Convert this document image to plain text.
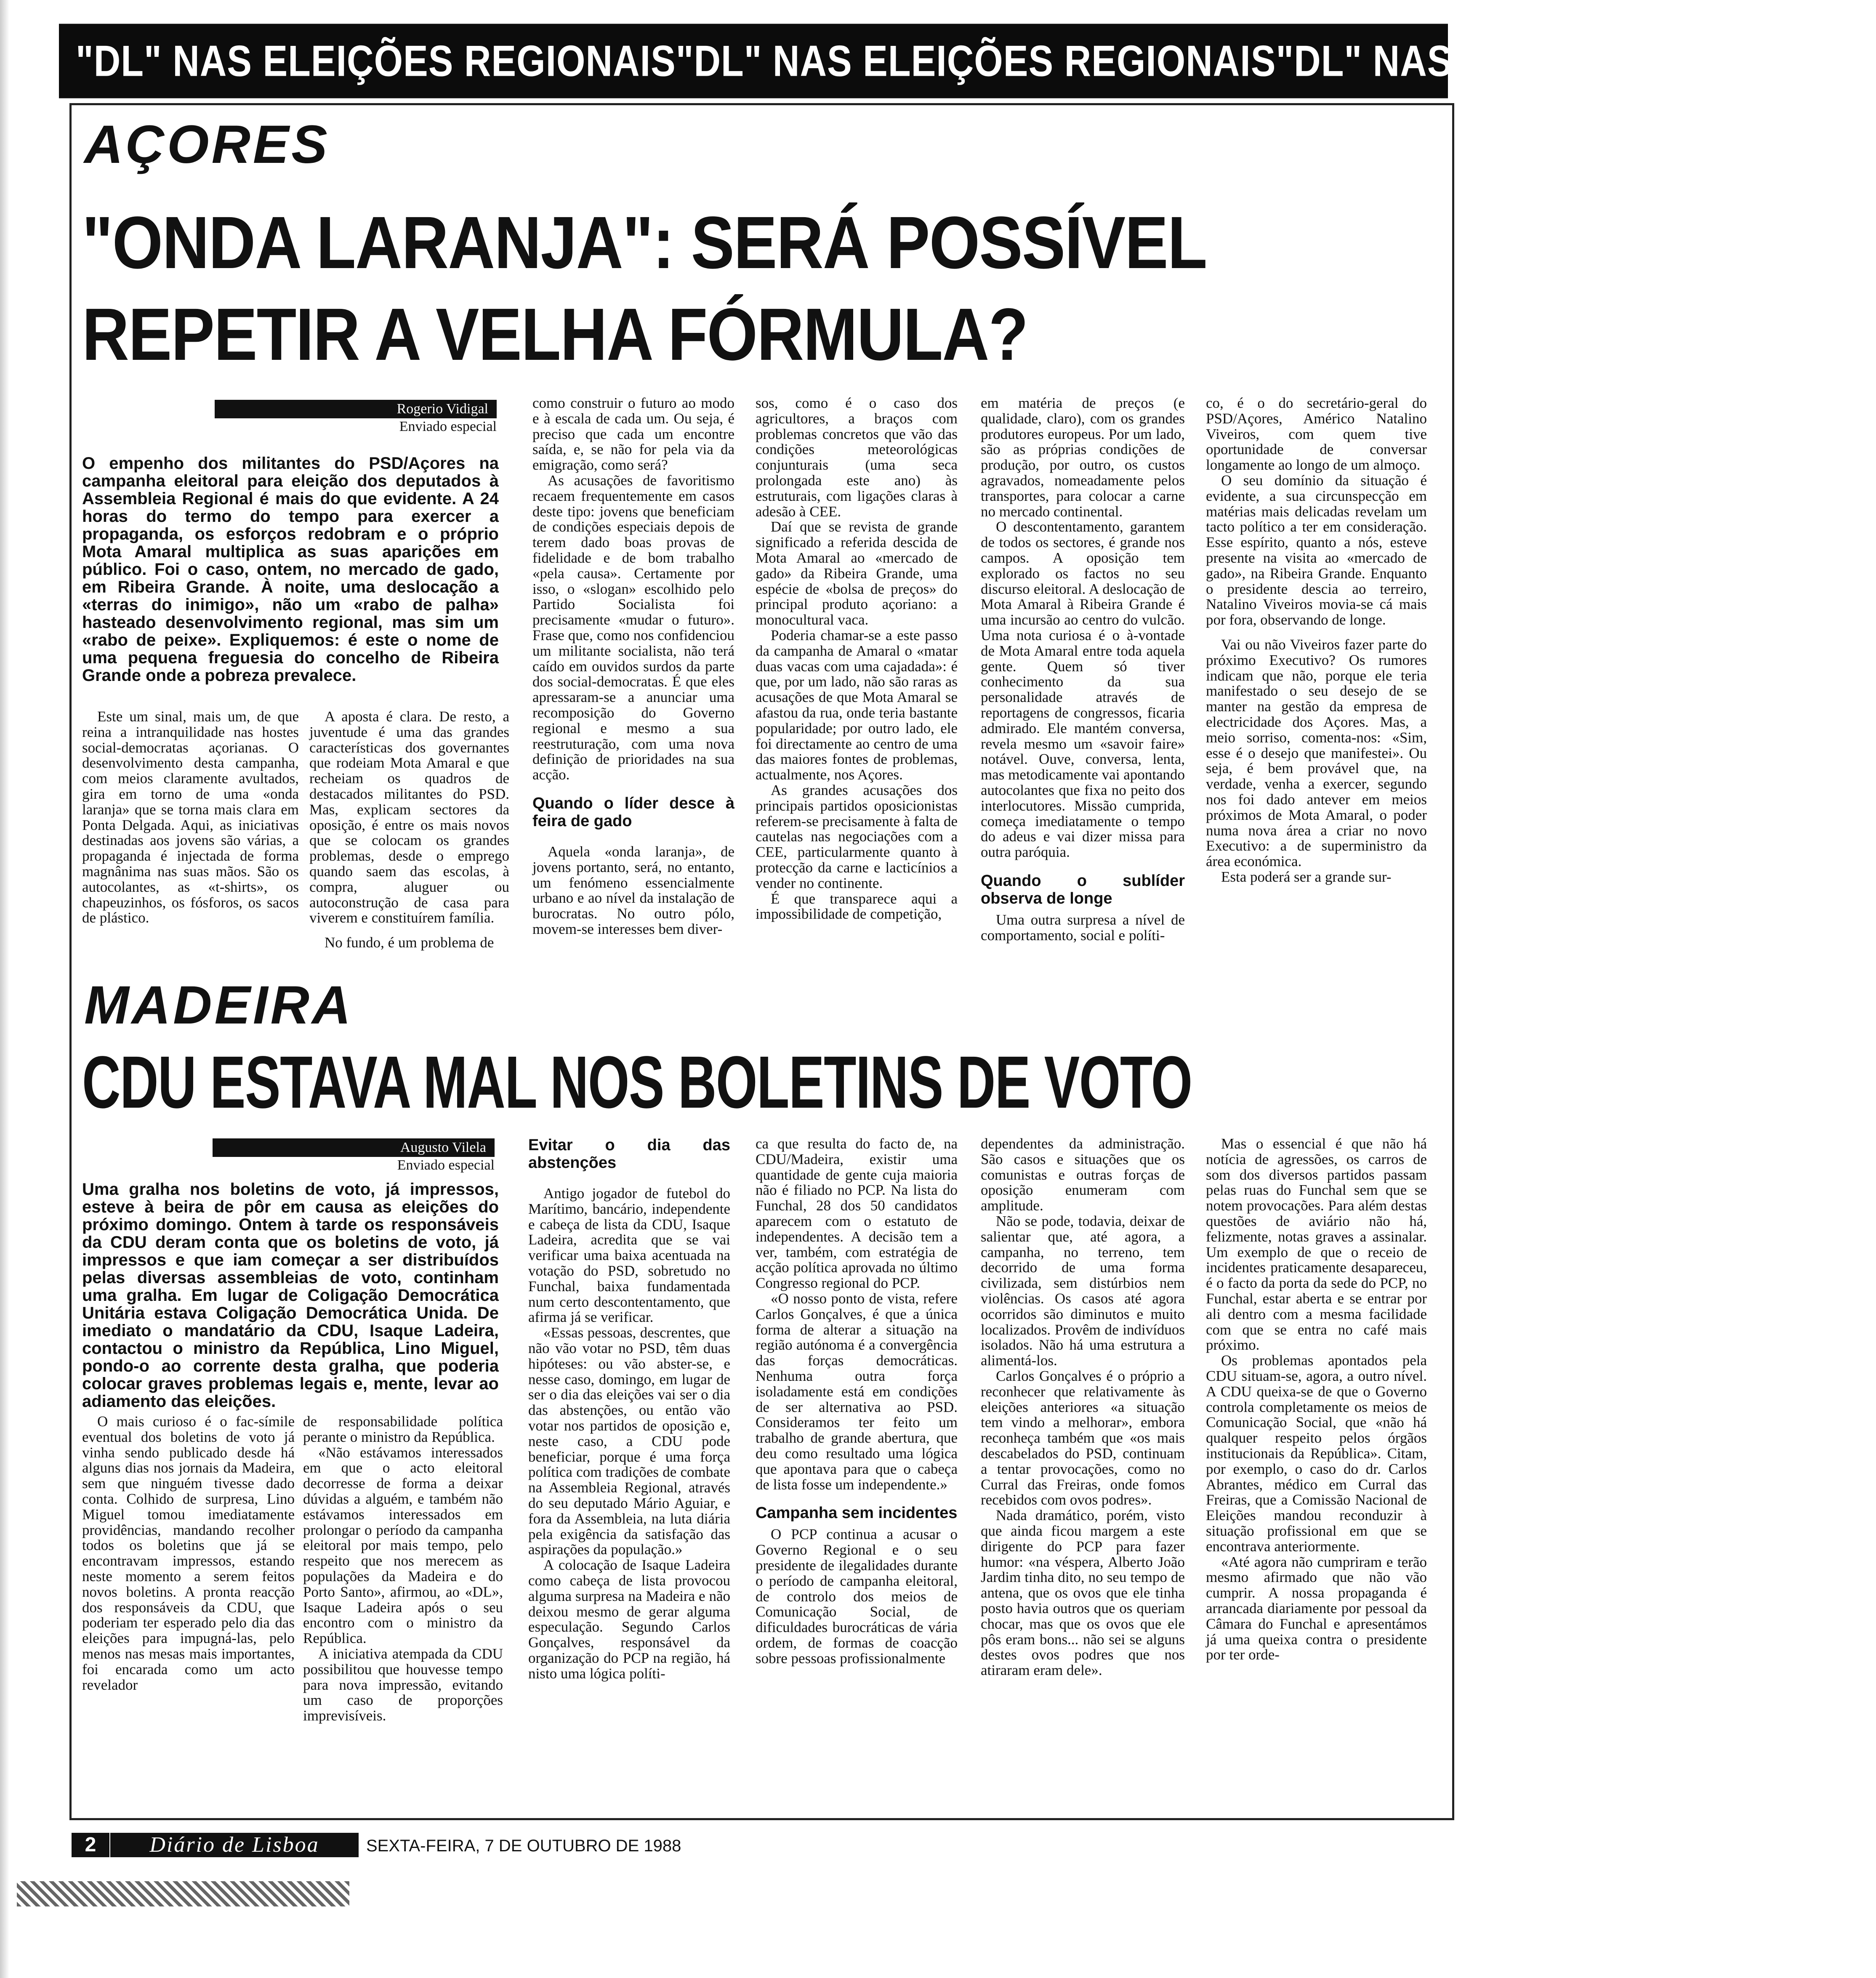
"DL" NAS ELEIÇÕES REGIONAIS "DL" NAS ELEIÇÕES REGIONAIS "DL" NAS ELEIÇÕES REGIONAIS
AÇORES
"ONDA LARANJA": SERÁ POSSÍVEL
REPETIR A VELHA FÓRMULA?
Rogerio Vidigal
Enviado especial
O empenho dos militantes do PSD/Açores na campanha eleitoral para eleição dos deputados à Assembleia Regional é mais do que evidente. A 24 horas do termo do tempo para exercer a propaganda, os esforços redobram e o próprio Mota Amaral multiplica as suas aparições em público. Foi o caso, ontem, no mercado de gado, em Ribeira Grande. À noite, uma deslocação a «terras do inimigo», não um «rabo de palha» hasteado desenvolvimento regional, mas sim um «rabo de peixe». Expliquemos: é este o nome de uma pequena freguesia do concelho de Ribeira Grande onde a pobreza prevalece.

Este um sinal, mais um, de que reina a intranquilidade nas hostes social-democratas açorianas. O desenvolvimento desta campanha, com meios claramente avultados, gira em torno de uma «onda laranja» que se torna mais clara em Ponta Delgada. Aqui, as iniciativas destinadas aos jovens são várias, a propaganda é injectada de forma magnânima nas suas mãos. São os autocolantes, as «t-shirts», os chapeuzinhos, os fósforos, os sacos de plástico.

A aposta é clara. De resto, a juventude é uma das grandes características dos governantes que rodeiam Mota Amaral e que recheiam os quadros de destacados militantes do PSD. Mas, explicam sectores da oposição, é entre os mais novos que se colocam os grandes problemas, desde o emprego quando saem das escolas, à compra, aluguer ou autoconstrução de casa para viverem e constituírem família.

No fundo, é um problema de

como construir o futuro ao modo e à escala de cada um. Ou seja, é preciso que cada um encontre saída, e, se não for pela via da emigração, como será?

As acusações de favoritismo recaem frequentemente em casos deste tipo: jovens que beneficiam de condições especiais depois de terem dado boas provas de fidelidade e de bom trabalho «pela causa». Certamente por isso, o «slogan» escolhido pelo Partido Socialista foi precisamente «mudar o futuro». Frase que, como nos confidenciou um militante socialista, não terá caído em ouvidos surdos da parte dos social-democratas. É que eles apressaram-se a anunciar uma recomposição do Governo regional e mesmo a sua reestruturação, com uma nova definição de prioridades na sua acção.

Quando o líder desce à feira de gado

Aquela «onda laranja», de jovens portanto, será, no entanto, um fenómeno essencialmente urbano e ao nível da instalação de burocratas. No outro pólo, movem-se interesses bem diver-

sos, como é o caso dos agricultores, a braços com problemas concretos que vão das condições meteorológicas conjunturais (uma seca prolongada este ano) às estruturais, com ligações claras à adesão à CEE.

Daí que se revista de grande significado a referida descida de Mota Amaral ao «mercado de gado» da Ribeira Grande, uma espécie de «bolsa de preços» do principal produto açoriano: a monocultural vaca.

Poderia chamar-se a este passo da campanha de Amaral o «matar duas vacas com uma cajadada»: é que, por um lado, não são raras as acusações de que Mota Amaral se afastou da rua, onde teria bastante popularidade; por outro lado, ele foi directamente ao centro de uma das maiores fontes de problemas, actualmente, nos Açores.

As grandes acusações dos principais partidos oposicionistas referem-se precisamente à falta de cautelas nas negociações com a CEE, particularmente quanto à protecção da carne e lacticínios a vender no continente.

É que transparece aqui a impossibilidade de competição,

em matéria de preços (e qualidade, claro), com os grandes produtores europeus. Por um lado, são as próprias condições de produção, por outro, os custos agravados, nomeadamente pelos transportes, para colocar a carne no mercado continental.

O descontentamento, garantem de todos os sectores, é grande nos campos. A oposição tem explorado os factos no seu discurso eleitoral. A deslocação de Mota Amaral à Ribeira Grande é uma incursão ao centro do vulcão. Uma nota curiosa é o à-vontade de Mota Amaral entre toda aquela gente. Quem só tiver conhecimento da sua personalidade através de reportagens de congressos, ficaria admirado. Ele mantém conversa, revela mesmo um «savoir faire» notável. Ouve, conversa, lenta, mas metodicamente vai apontando autocolantes que fixa no peito dos interlocutores. Missão cumprida, começa imediatamente o tempo do adeus e vai dizer missa para outra paróquia.

Quando o sublíder observa de longe

Uma outra surpresa a nível de comportamento, social e políti-

co, é o do secretário-geral do PSD/Açores, Américo Natalino Viveiros, com quem tive oportunidade de conversar longamente ao longo de um almoço.

O seu domínio da situação é evidente, a sua circunspecção em matérias mais delicadas revelam um tacto político a ter em consideração. Esse espírito, quanto a nós, esteve presente na visita ao «mercado de gado», na Ribeira Grande. Enquanto o presidente descia ao terreiro, Natalino Viveiros movia-se cá mais por fora, observando de longe.

Vai ou não Viveiros fazer parte do próximo Executivo? Os rumores indicam que não, porque ele teria manifestado o seu desejo de se manter na gestão da empresa de electricidade dos Açores. Mas, a meio sorriso, comenta-nos: «Sim, esse é o desejo que manifestei». Ou seja, é bem provável que, na verdade, venha a exercer, segundo nos foi dado antever em meios próximos de Mota Amaral, o poder numa nova área a criar no novo Executivo: a de superministro da área económica.

Esta poderá ser a grande sur-

MADEIRA
CDU ESTAVA MAL NOS BOLETINS DE VOTO
Augusto Vilela
Enviado especial
Uma gralha nos boletins de voto, já impressos, esteve à beira de pôr em causa as eleições do próximo domingo. Ontem à tarde os responsáveis da CDU deram conta que os boletins de voto, já impressos e que iam começar a ser distribuídos pelas diversas assembleias de voto, continham uma gralha. Em lugar de Coligação Democrática Unitária estava Coligação Democrática Unida. De imediato o mandatário da CDU, Isaque Ladeira, contactou o ministro da República, Lino Miguel, pondo-o ao corrente desta gralha, que poderia colocar graves problemas legais e, mente, levar ao adiamento das eleições.

O mais curioso é o fac-símile eventual dos boletins de voto já vinha sendo publicado desde há alguns dias nos jornais da Madeira, sem que ninguém tivesse dado conta. Colhido de surpresa, Lino Miguel tomou imediatamente providências, mandando recolher todos os boletins que já se encontravam impressos, estando neste momento a serem feitos novos boletins. A pronta reacção dos responsáveis da CDU, que poderiam ter esperado pelo dia das eleições para impugná-las, pelo menos nas mesas mais importantes, foi encarada como um acto revelador

de responsabilidade política perante o ministro da República.

«Não estávamos interessados em que o acto eleitoral decorresse de forma a deixar dúvidas a alguém, e também não estávamos interessados em prolongar o período da campanha eleitoral por mais tempo, pelo respeito que nos merecem as populações da Madeira e do Porto Santo», afirmou, ao «DL», Isaque Ladeira após o seu encontro com o ministro da República.

A iniciativa atempada da CDU possibilitou que houvesse tempo para nova impressão, evitando um caso de proporções imprevisíveis.

Evitar o dia das abstenções

Antigo jogador de futebol do Marítimo, bancário, independente e cabeça de lista da CDU, Isaque Ladeira, acredita que se vai verificar uma baixa acentuada na votação do PSD, sobretudo no Funchal, baixa fundamentada num certo descontentamento, que afirma já se verificar.

«Essas pessoas, descrentes, que não vão votar no PSD, têm duas hipóteses: ou vão abster-se, e nesse caso, domingo, em lugar de ser o dia das eleições vai ser o dia das abstenções, ou então vão votar nos partidos de oposição e, neste caso, a CDU pode beneficiar, porque é uma força política com tradições de combate na Assembleia Regional, através do seu deputado Mário Aguiar, e fora da Assembleia, na luta diária pela exigência da satisfação das aspirações da população.»

A colocação de Isaque Ladeira como cabeça de lista provocou alguma surpresa na Madeira e não deixou mesmo de gerar alguma especulação. Segundo Carlos Gonçalves, responsável da organização do PCP na região, há nisto uma lógica políti-

ca que resulta do facto de, na CDU/Madeira, existir uma quantidade de gente cuja maioria não é filiado no PCP. Na lista do Funchal, 28 dos 50 candidatos aparecem com o estatuto de independentes. A decisão tem a ver, também, com estratégia de acção política aprovada no último Congresso regional do PCP.

«O nosso ponto de vista, refere Carlos Gonçalves, é que a única forma de alterar a situação na região autónoma é a convergência das forças democráticas. Nenhuma outra força isoladamente está em condições de ser alternativa ao PSD. Consideramos ter feito um trabalho de grande abertura, que deu como resultado uma lógica que apontava para que o cabeça de lista fosse um independente.»

Campanha sem incidentes

O PCP continua a acusar o Governo Regional e o seu presidente de ilegalidades durante o período de campanha eleitoral, de controlo dos meios de Comunicação Social, de dificuldades burocráticas de vária ordem, de formas de coacção sobre pessoas profissionalmente

dependentes da administração. São casos e situações que os comunistas e outras forças de oposição enumeram com amplitude.

Não se pode, todavia, deixar de salientar que, até agora, a campanha, no terreno, tem decorrido de uma forma civilizada, sem distúrbios nem violências. Os casos até agora ocorridos são diminutos e muito localizados. Provêm de indivíduos isolados. Não há uma estrutura a alimentá-los.

Carlos Gonçalves é o próprio a reconhecer que relativamente às eleições anteriores «a situação tem vindo a melhorar», embora reconheça também que «os mais descabelados do PSD, continuam a tentar provocações, como no Curral das Freiras, onde fomos recebidos com ovos podres».

Nada dramático, porém, visto que ainda ficou margem a este dirigente do PCP para fazer humor: «na véspera, Alberto João Jardim tinha dito, no seu tempo de antena, que os ovos que ele tinha posto havia outros que os queriam chocar, mas que os ovos que ele pôs eram bons... não sei se alguns destes ovos podres que nos atiraram eram dele».

Mas o essencial é que não há notícia de agressões, os carros de som dos diversos partidos passam pelas ruas do Funchal sem que se notem provocações. Para além destas questões de aviário não há, felizmente, notas graves a assinalar. Um exemplo de que o receio de incidentes praticamente desapareceu, é o facto da porta da sede do PCP, no Funchal, estar aberta e se entrar por ali dentro com a mesma facilidade com que se entra no café mais próximo.

Os problemas apontados pela CDU situam-se, agora, a outro nível. A CDU queixa-se de que o Governo controla completamente os meios de Comunicação Social, que «não há qualquer respeito pelos órgãos institucionais da República». Citam, por exemplo, o caso do dr. Carlos Abrantes, médico em Curral das Freiras, que a Comissão Nacional de Eleições mandou reconduzir à situação profissional em que se encontrava anteriormente.

«Até agora não cumpriram e terão mesmo afirmado que não vão cumprir. A nossa propaganda é arrancada diariamente por pessoal da Câmara do Funchal e apresentámos já uma queixa contra o presidente por ter orde-

2	Diário de Lisboa	SEXTA-FEIRA, 7 DE OUTUBRO DE 1988
